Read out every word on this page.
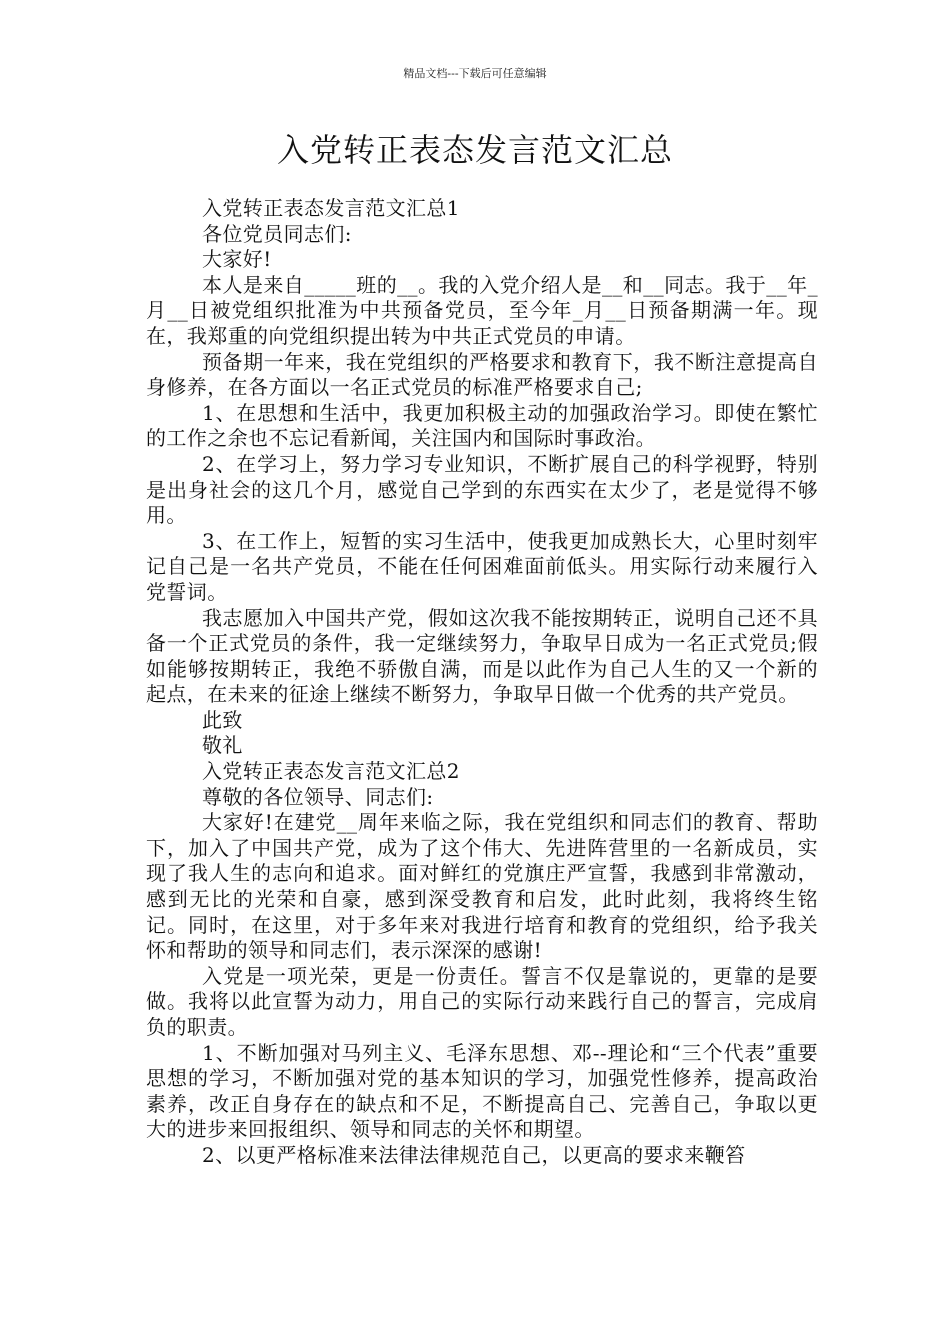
精品文档---下载后可任意编辑
入党转正表态发言范文汇总

入党转正表态发言范文汇总1

各位党员同志们:

大家好!

本人是来自_____班的__。我的入党介绍人是__和__同志。我于__年_月__日被党组织批准为中共预备党员，至今年_月__日预备期满一年。现在，我郑重的向党组织提出转为中共正式党员的申请。

预备期一年来，我在党组织的严格要求和教育下，我不断注意提高自身修养，在各方面以一名正式党员的标准严格要求自己;

1、在思想和生活中，我更加积极主动的加强政治学习。即使在繁忙的工作之余也不忘记看新闻，关注国内和国际时事政治。

2、在学习上，努力学习专业知识，不断扩展自己的科学视野，特别是出身社会的这几个月，感觉自己学到的东西实在太少了，老是觉得不够用。

3、在工作上，短暂的实习生活中，使我更加成熟长大，心里时刻牢记自己是一名共产党员，不能在任何困难面前低头。用实际行动来履行入党誓词。

我志愿加入中国共产党，假如这次我不能按期转正，说明自己还不具备一个正式党员的条件，我一定继续努力，争取早日成为一名正式党员;假如能够按期转正，我绝不骄傲自满，而是以此作为自己人生的又一个新的起点，在未来的征途上继续不断努力，争取早日做一个优秀的共产党员。

此致

敬礼

入党转正表态发言范文汇总2

尊敬的各位领导、同志们:

大家好!在建党__周年来临之际，我在党组织和同志们的教育、帮助下，加入了中国共产党，成为了这个伟大、先进阵营里的一名新成员，实现了我人生的志向和追求。面对鲜红的党旗庄严宣誓，我感到非常激动，感到无比的光荣和自豪，感到深受教育和启发，此时此刻，我将终生铭记。同时，在这里，对于多年来对我进行培育和教育的党组织，给予我关怀和帮助的领导和同志们，表示深深的感谢!

入党是一项光荣，更是一份责任。誓言不仅是靠说的，更靠的是要做。我将以此宣誓为动力，用自己的实际行动来践行自己的誓言，完成肩负的职责。

1、不断加强对马列主义、毛泽东思想、邓--理论和“三个代表”重要思想的学习，不断加强对党的基本知识的学习，加强党性修养，提高政治素养，改正自身存在的缺点和不足，不断提高自己、完善自己，争取以更大的进步来回报组织、领导和同志的关怀和期望。

2、以更严格标准来法律法律规范自己，以更高的要求来鞭笞
